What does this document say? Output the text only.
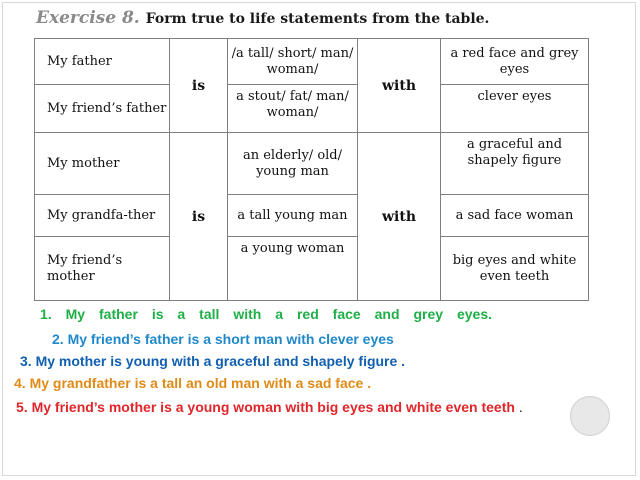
Exercise 8. Form true to life statements from the table.
My father	is	/a tall/ short/ man/ woman/	with	a red face and grey eyes
My friend’s father		a stout/ fat/ man/ woman/		clever eyes
My mother	is	an elderly/ old/ young man	with	a graceful and shapely figure
My grandfa-ther		a tall young man		a sad face woman
My friend’s mother		a young woman		big eyes and white even teeth
1. My father is a tall with a red face and grey eyes.
2. My friend’s father is a short man with clever eyes
3. My mother is young with a graceful and shapely figure .
4. My grandfather is a tall an old man with a sad face .
5. My friend’s mother is a young woman with big eyes and white even teeth .
